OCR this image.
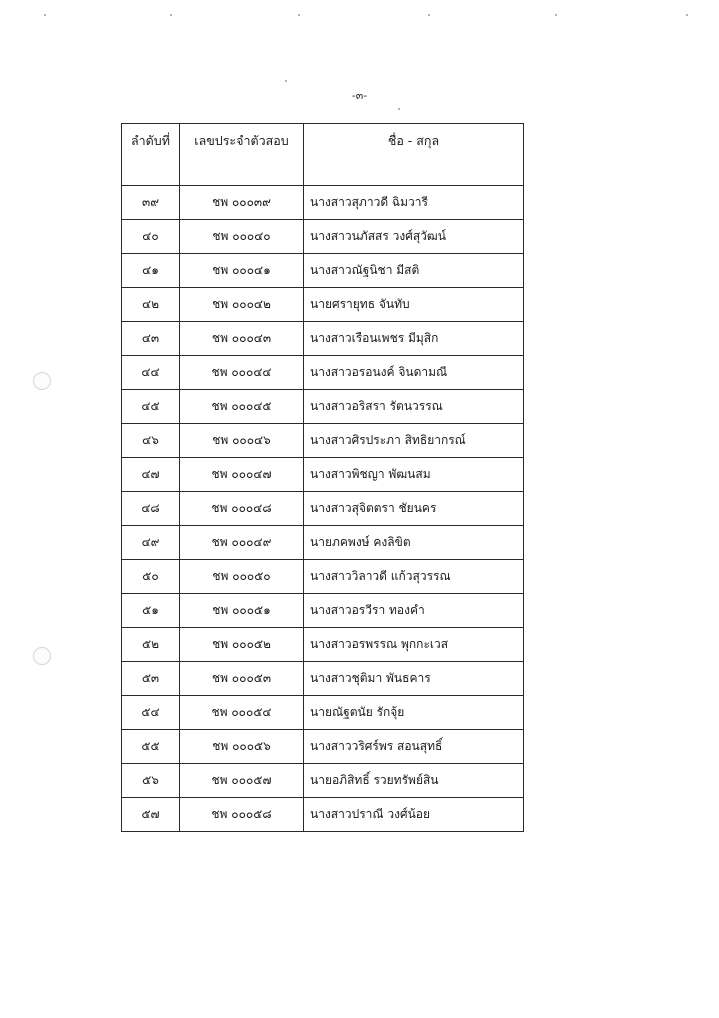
-๓-
ลำดับที่	เลขประจำตัวสอบ	ชื่อ - สกุล
๓๙	ชพ ๐๐๐๓๙	นางสาวสุภาวดี ฉิมวารี
๔๐	ชพ ๐๐๐๔๐	นางสาวนภัสสร วงศ์สุวัฒน์
๔๑	ชพ ๐๐๐๔๑	นางสาวณัฐนิชา มีสติ
๔๒	ชพ ๐๐๐๔๒	นายศรายุทธ จันทับ
๔๓	ชพ ๐๐๐๔๓	นางสาวเรือนเพชร มีมุสิก
๔๔	ชพ ๐๐๐๔๔	นางสาวอรอนงค์ จินดามณี
๔๕	ชพ ๐๐๐๔๕	นางสาวอริสรา รัตนวรรณ
๔๖	ชพ ๐๐๐๔๖	นางสาวศิรประภา สิทธิยากรณ์
๔๗	ชพ ๐๐๐๔๗	นางสาวพิชญา พัฒนสม
๔๘	ชพ ๐๐๐๔๘	นางสาวสุจิตตรา ชัยนคร
๔๙	ชพ ๐๐๐๔๙	นายภคพงษ์ คงลิขิต
๕๐	ชพ ๐๐๐๕๐	นางสาววิลาวดี แก้วสุวรรณ
๕๑	ชพ ๐๐๐๕๑	นางสาวอรวีรา ทองคำ
๕๒	ชพ ๐๐๐๕๒	นางสาวอรพรรณ พุกกะเวส
๕๓	ชพ ๐๐๐๕๓	นางสาวชุติมา พันธคาร
๕๔	ชพ ๐๐๐๕๔	นายณัฐตนัย รักจุ้ย
๕๕	ชพ ๐๐๐๕๖	นางสาววริศร์พร สอนสุทธิ์
๕๖	ชพ ๐๐๐๕๗	นายอภิสิทธิ์ รวยทรัพย์สิน
๕๗	ชพ ๐๐๐๕๘	นางสาวปราณี วงศ์น้อย
